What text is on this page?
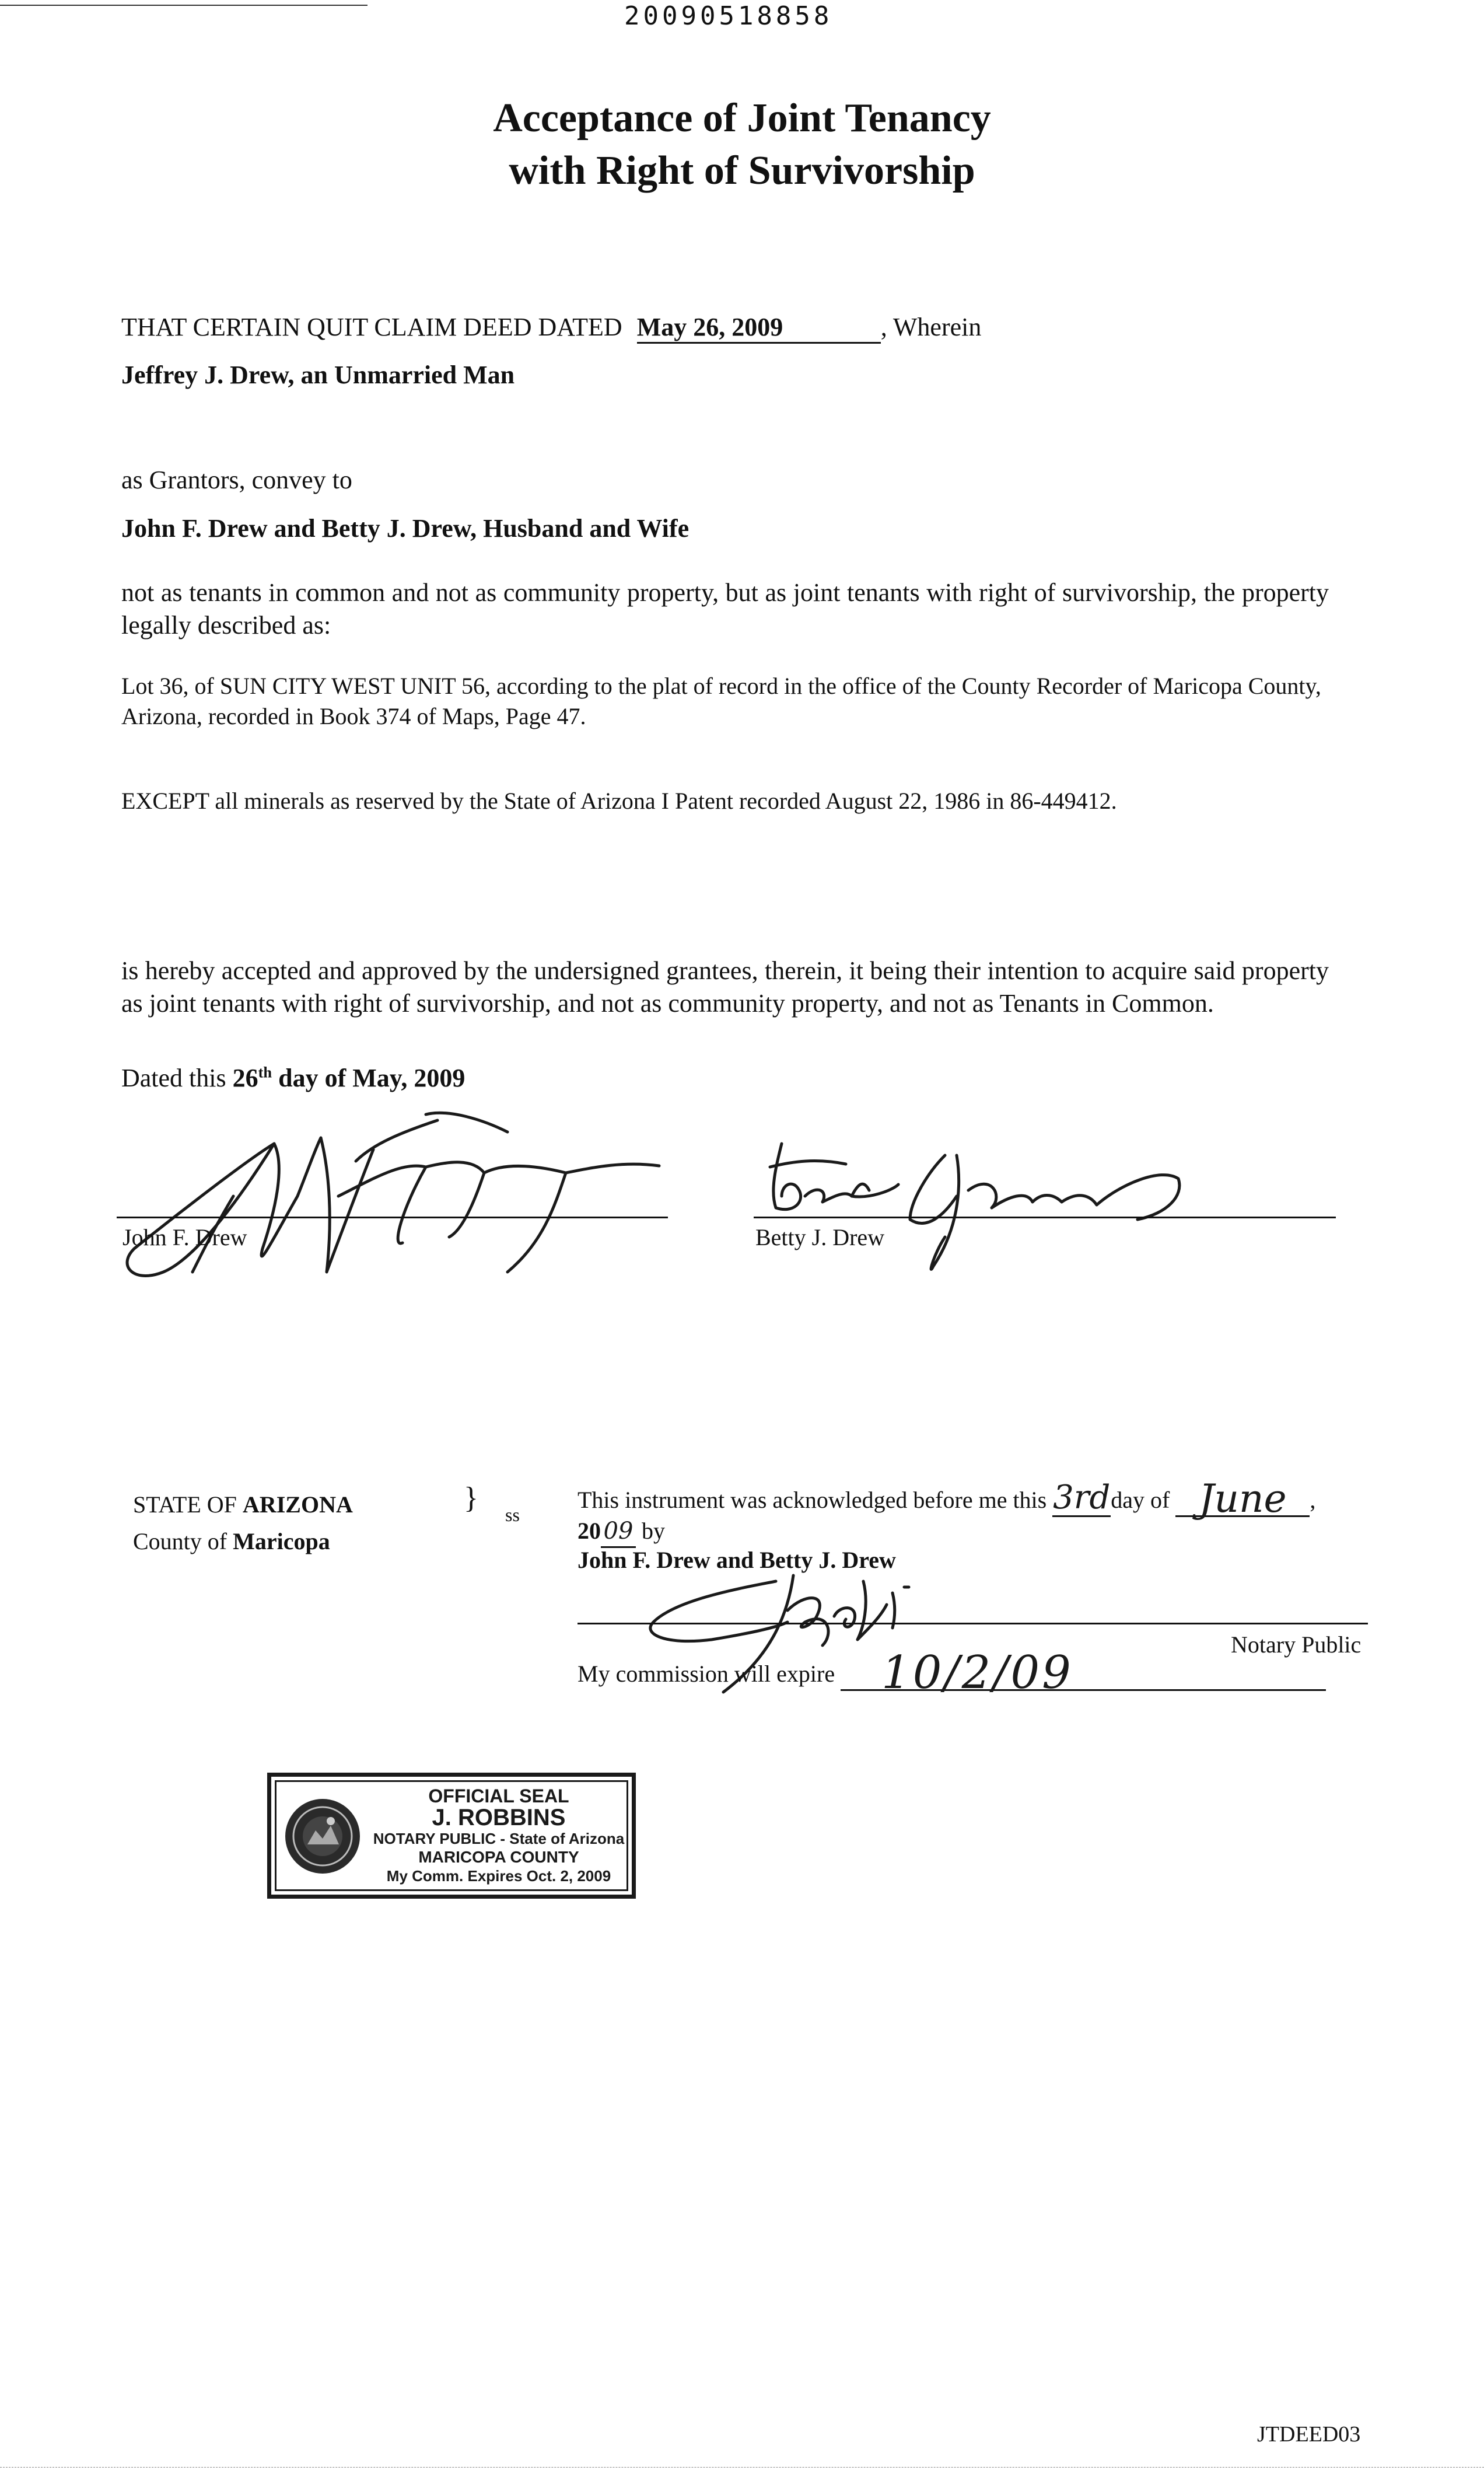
20090518858
Acceptance of Joint Tenancy
with Right of Survivorship
THAT CERTAIN QUIT CLAIM DEED DATED May 26, 2009	, Wherein
Jeffrey J. Drew, an Unmarried Man
as Grantors, convey to
John F. Drew and Betty J. Drew, Husband and Wife
not as tenants in common and not as community property, but as joint tenants with right of survivorship, the property legally described as:
Lot 36, of SUN CITY WEST UNIT 56, according to the plat of record in the office of the County Recorder of Maricopa County, Arizona, recorded in Book 374 of Maps, Page 47.
EXCEPT all minerals as reserved by the State of Arizona I Patent recorded August 22, 1986 in 86-449412.
is hereby accepted and approved by the undersigned grantees, therein, it being their intention to acquire said property as joint tenants with right of survivorship, and not as community property, and not as Tenants in Common.
Dated this 26th day of May, 2009
John F. Drew	Betty J. Drew
STATE OF ARIZONA
County of Maricopa
} ss
This instrument was acknowledged before me this 3rd day of June ,
20 09 by
John F. Drew and Betty J. Drew
Notary Public
My commission will expire 10/2/09

OFFICIAL SEAL
J. ROBBINS
NOTARY PUBLIC - State of Arizona
MARICOPA COUNTY
My Comm. Expires Oct. 2, 2009
JTDEED03
